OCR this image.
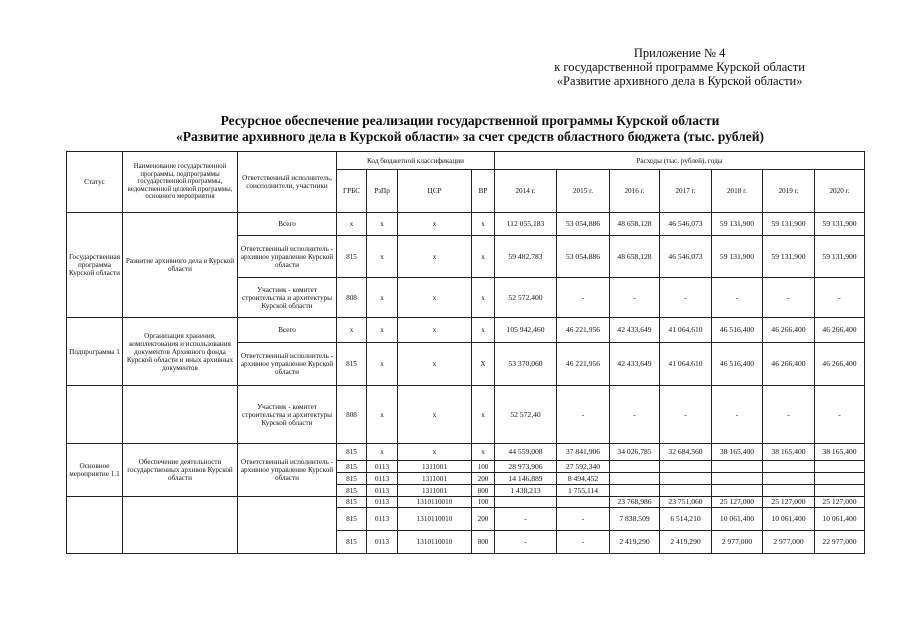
Приложение № 4
к государственной программе Курской области
«Развитие архивного дела в Курской области»
Ресурсное обеспечение реализации государственной программы Курской области
«Развитие архивного дела в Курской области» за счет средств областного бюджета (тыс. рублей)
Статус	Наименование государственной программы, подпрограммы государственной программы, ведомственной целевой программы, основного мероприятия	Ответственный исполнитель, соисполнители, участники	Код бюджетной классификации				Расходы (тыс. рублей), годы						
			ГРБС	РзПр	ЦСР	ВР	2014 г.	2015 г.	2016 г.	2017 г.	2018 г.	2019 г.	2020 г.
Государственная программа Курской области	Развитие архивного дела в Курской области	Всего	х	х	х	х	112 055,183	53 054,886	48 658,128	46 546,073	59 131,900	59 131,900	59 131,900
		Ответственный исполнитель - архивное управление Курской области	815	х	х	х	59 482,783	53 054,886	48 658,128	46 546,073	59 131,900	59 131,900	59 131,900
		Участник - комитет строительства и архитектуры Курской области	808	х	х	х	52 572,400	-	-	-	-	-	-
Подпрограмма 1	Организация хранения, комплектования и использования документов Архивного фонда Курской области и иных архивных документов	Всего	х	х	х	х	105 942,460	46 221,956	42 433,649	41 064,610	46 516,400	46 266,400	46 266,400
		Ответственный исполнитель - архивное управление Курской области	815	х	х	Х	53 370,060	46 221,956	42 433,649	41 064,610	46 516,400	46 266,400	46 266,400
		Участник - комитет строительства и архитектуры Курской области	808	х	х	х	52 572,40	-	-	-	-	-	-
Основное мероприятие 1.1	Обеспечение деятельности государственных архивов Курской области	Ответственный исполнитель - архивное управление Курской области	815	х	х	х	44 559,008	37 841,906	34 026,785	32 684,560	38 165,400	38 165,400	38 165,400
			815	0113	1311001	100	28 973,906	27 592,340					
			815	0113	1311001	200	14 146,889	8 494,452					
			815	0113	1311001	800	1 438,213	1 755,114					
			815	0113	1310110010	100			23 768,986	23 751,060	25 127,000	25 127,000	25 127,000
			815	0113	1310110010	200	-	-	7 838,509	6 514,210	10 061,400	10 061,400	10 061,400
			815	0113	1310110010	800	-	-	2 419,290	2 419,290	2 977,000	2 977,000	22 977,000
